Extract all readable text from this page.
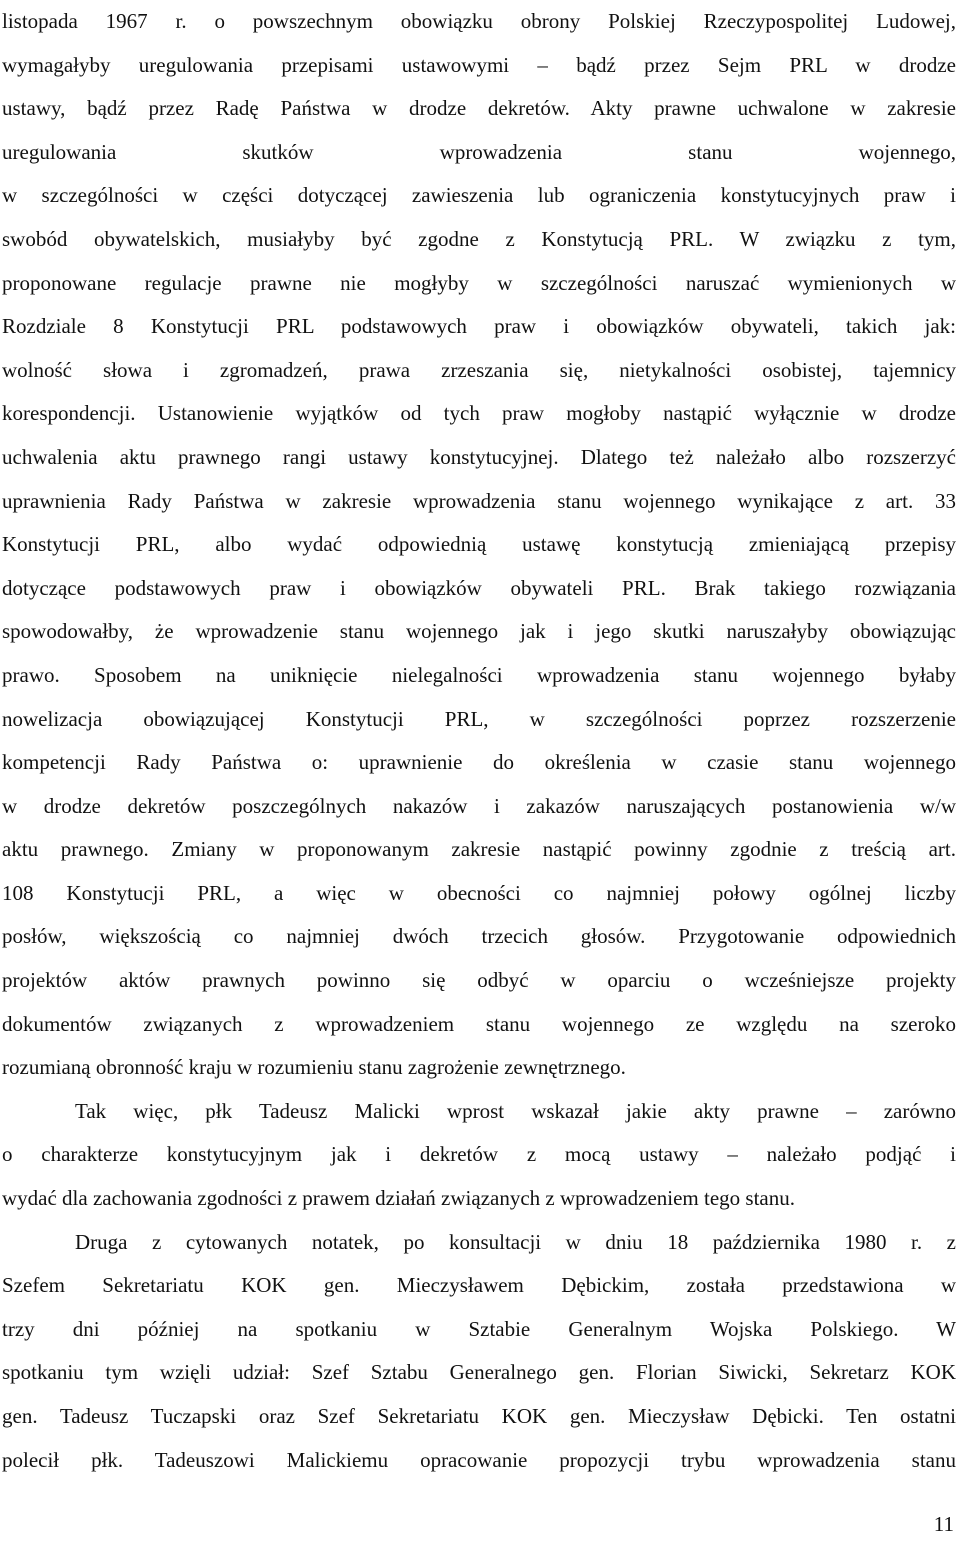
listopada 1967 r. o powszechnym obowiązku obrony Polskiej Rzeczypospolitej Ludowej,
wymagałyby uregulowania przepisami ustawowymi – bądź przez Sejm PRL w drodze
ustawy, bądź przez Radę Państwa w drodze dekretów. Akty prawne uchwalone w zakresie
uregulowania skutków wprowadzenia stanu wojennego,
w szczególności w części dotyczącej zawieszenia lub ograniczenia konstytucyjnych praw i
swobód obywatelskich, musiałyby być zgodne z Konstytucją PRL. W związku z tym,
proponowane regulacje prawne nie mogłyby w szczególności naruszać wymienionych w
Rozdziale 8 Konstytucji PRL podstawowych praw i obowiązków obywateli, takich jak:
wolność słowa i zgromadzeń, prawa zrzeszania się, nietykalności osobistej, tajemnicy
korespondencji. Ustanowienie wyjątków od tych praw mogłoby nastąpić wyłącznie w drodze
uchwalenia aktu prawnego rangi ustawy konstytucyjnej. Dlatego też należało albo rozszerzyć
uprawnienia Rady Państwa w zakresie wprowadzenia stanu wojennego wynikające z art. 33
Konstytucji PRL, albo wydać odpowiednią ustawę konstytucją zmieniającą przepisy
dotyczące podstawowych praw i obowiązków obywateli PRL. Brak takiego rozwiązania
spowodowałby, że wprowadzenie stanu wojennego jak i jego skutki naruszałyby obowiązując
prawo. Sposobem na uniknięcie nielegalności wprowadzenia stanu wojennego byłaby
nowelizacja obowiązującej Konstytucji PRL, w szczególności poprzez rozszerzenie
kompetencji Rady Państwa o: uprawnienie do określenia w czasie stanu wojennego
w drodze dekretów poszczególnych nakazów i zakazów naruszających postanowienia w/w
aktu prawnego. Zmiany w proponowanym zakresie nastąpić powinny zgodnie z treścią art.
108 Konstytucji PRL, a więc w obecności co najmniej połowy ogólnej liczby
posłów, większością co najmniej dwóch trzecich głosów. Przygotowanie odpowiednich
projektów aktów prawnych powinno się odbyć w oparciu o wcześniejsze projekty
dokumentów związanych z wprowadzeniem stanu wojennego ze względu na szeroko
rozumianą obronność kraju w rozumieniu stanu zagrożenie zewnętrznego.
Tak więc, płk Tadeusz Malicki wprost wskazał jakie akty prawne – zarówno
o charakterze konstytucyjnym jak i dekretów z mocą ustawy – należało podjąć i
wydać dla zachowania zgodności z prawem działań związanych z wprowadzeniem tego stanu.
Druga z cytowanych notatek, po konsultacji w dniu 18 października 1980 r. z
Szefem Sekretariatu KOK gen. Mieczysławem Dębickim, została przedstawiona w
trzy dni później na spotkaniu w Sztabie Generalnym Wojska Polskiego. W
spotkaniu tym wzięli udział: Szef Sztabu Generalnego gen. Florian Siwicki, Sekretarz KOK
gen. Tadeusz Tuczapski oraz Szef Sekretariatu KOK gen. Mieczysław Dębicki. Ten ostatni
polecił płk. Tadeuszowi Malickiemu opracowanie propozycji trybu wprowadzenia stanu
11
